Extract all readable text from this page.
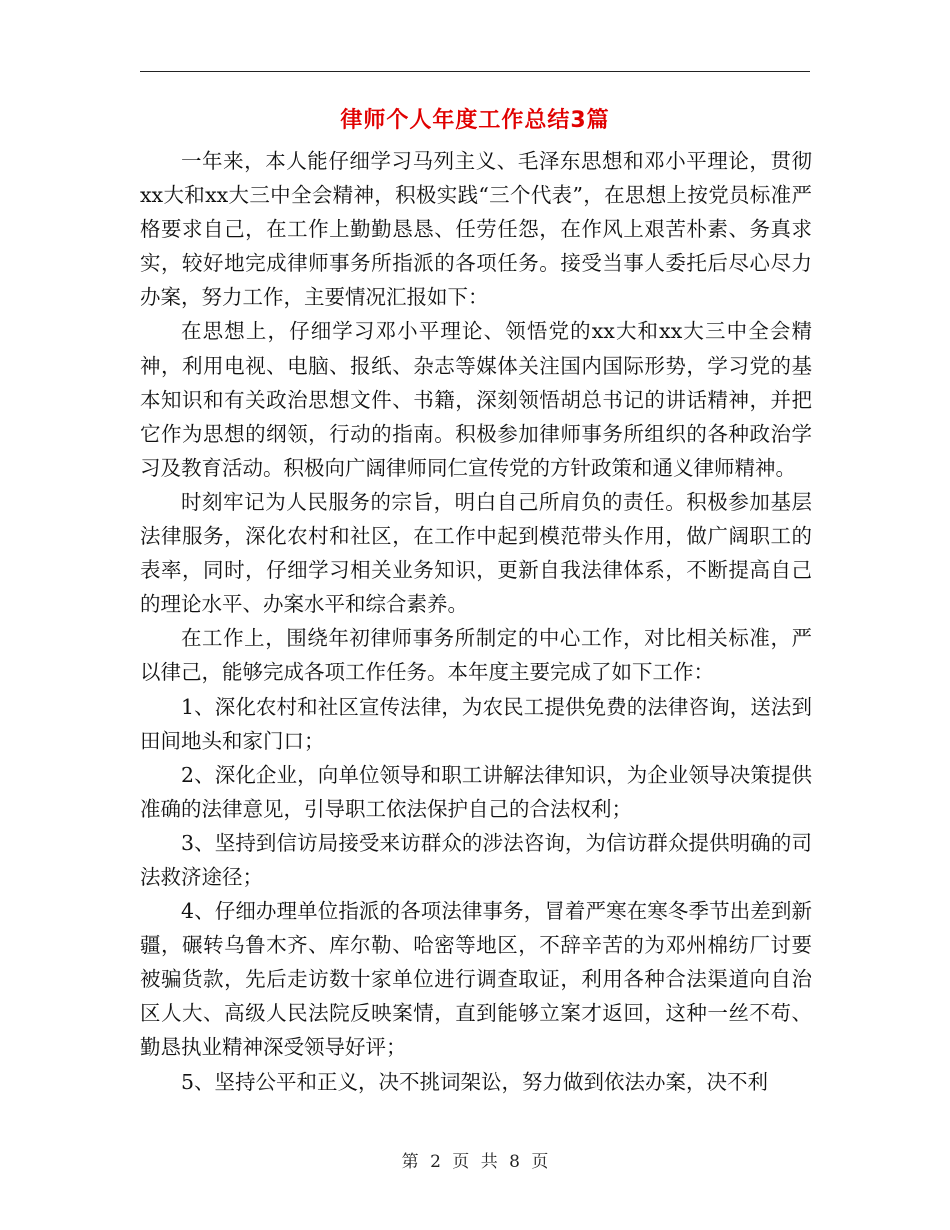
律师个人年度工作总结3篇

一年来，本人能仔细学习马列主义、毛泽东思想和邓小平理论，贯彻xx大和xx大三中全会精神，积极实践“三个代表”，在思想上按党员标准严格要求自己，在工作上勤勤恳恳、任劳任怨，在作风上艰苦朴素、务真求实，较好地完成律师事务所指派的各项任务。接受当事人委托后尽心尽力办案，努力工作，主要情况汇报如下：

在思想上，仔细学习邓小平理论、领悟党的xx大和xx大三中全会精神，利用电视、电脑、报纸、杂志等媒体关注国内国际形势，学习党的基本知识和有关政治思想文件、书籍，深刻领悟胡总书记的讲话精神，并把它作为思想的纲领，行动的指南。积极参加律师事务所组织的各种政治学习及教育活动。积极向广阔律师同仁宣传党的方针政策和通义律师精神。

时刻牢记为人民服务的宗旨，明白自己所肩负的责任。积极参加基层法律服务，深化农村和社区，在工作中起到模范带头作用，做广阔职工的表率，同时，仔细学习相关业务知识，更新自我法律体系，不断提高自己的理论水平、办案水平和综合素养。

在工作上，围绕年初律师事务所制定的中心工作，对比相关标准，严以律己，能够完成各项工作任务。本年度主要完成了如下工作：

1、深化农村和社区宣传法律，为农民工提供免费的法律咨询，送法到田间地头和家门口；

2、深化企业，向单位领导和职工讲解法律知识，为企业领导决策提供准确的法律意见，引导职工依法保护自己的合法权利；

3、坚持到信访局接受来访群众的涉法咨询，为信访群众提供明确的司法救济途径；

4、仔细办理单位指派的各项法律事务，冒着严寒在寒冬季节出差到新疆，碾转乌鲁木齐、库尔勒、哈密等地区，不辞辛苦的为邓州棉纺厂讨要被骗货款，先后走访数十家单位进行调查取证，利用各种合法渠道向自治区人大、高级人民法院反映案情，直到能够立案才返回，这种一丝不苟、勤恳执业精神深受领导好评；

5、坚持公平和正义，决不挑词架讼，努力做到依法办案，决不利

第 2 页 共 8 页
